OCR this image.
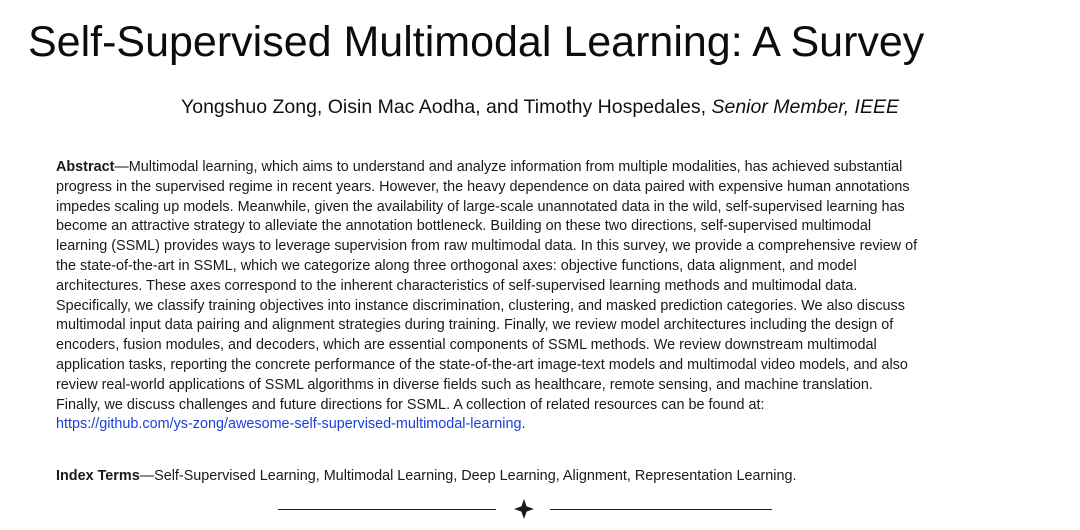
Self-Supervised Multimodal Learning: A Survey
Yongshuo Zong, Oisin Mac Aodha, and Timothy Hospedales, Senior Member, IEEE
Abstract—Multimodal learning, which aims to understand and analyze information from multiple modalities, has achieved substantial
progress in the supervised regime in recent years. However, the heavy dependence on data paired with expensive human annotations
impedes scaling up models. Meanwhile, given the availability of large-scale unannotated data in the wild, self-supervised learning has
become an attractive strategy to alleviate the annotation bottleneck. Building on these two directions, self-supervised multimodal
learning (SSML) provides ways to leverage supervision from raw multimodal data. In this survey, we provide a comprehensive review of
the state-of-the-art in SSML, which we categorize along three orthogonal axes: objective functions, data alignment, and model
architectures. These axes correspond to the inherent characteristics of self-supervised learning methods and multimodal data.
Specifically, we classify training objectives into instance discrimination, clustering, and masked prediction categories. We also discuss
multimodal input data pairing and alignment strategies during training. Finally, we review model architectures including the design of
encoders, fusion modules, and decoders, which are essential components of SSML methods. We review downstream multimodal
application tasks, reporting the concrete performance of the state-of-the-art image-text models and multimodal video models, and also
review real-world applications of SSML algorithms in diverse fields such as healthcare, remote sensing, and machine translation.
Finally, we discuss challenges and future directions for SSML. A collection of related resources can be found at:
https://github.com/ys-zong/awesome-self-supervised-multimodal-learning.
Index Terms—Self-Supervised Learning, Multimodal Learning, Deep Learning, Alignment, Representation Learning.
